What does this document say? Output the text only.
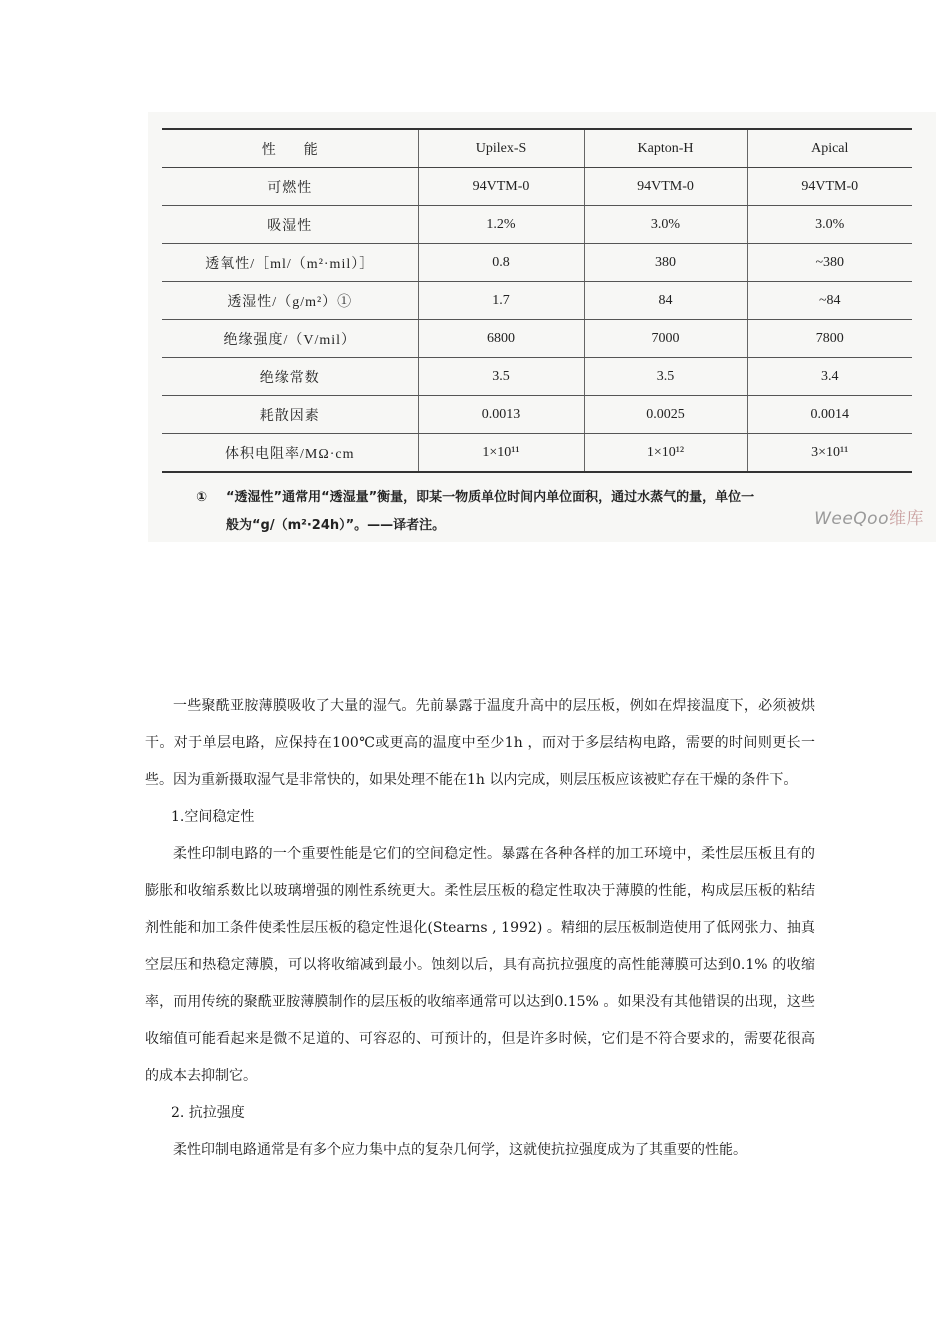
性　　能	Upilex-S	Kapton-H	Apical
可燃性	94VTM-0	94VTM-0	94VTM-0
吸湿性	1.2%	3.0%	3.0%
透氧性/［ml/（m²·mil）］	0.8	380	~380
透湿性/（g/m²）①	1.7	84	~84
绝缘强度/（V/mil）	6800	7000	7800
绝缘常数	3.5	3.5	3.4
耗散因素	0.0013	0.0025	0.0014
体积电阻率/MΩ·cm	1×10¹¹	1×10¹²	3×10¹¹
① “透湿性”通常用“透湿量”衡量，即某一物质单位时间内单位面积，通过水蒸气的量，单位一
般为“g/（m²·24h）”。——译者注。	WeeQoo维库

一些聚酰亚胺薄膜吸收了大量的湿气。先前暴露于温度升高中的层压板，例如在焊接温度下，必须被烘干。对于单层电路，应保持在100℃或更高的温度中至少1h ，而对于多层结构电路，需要的时间则更长一些。因为重新摄取湿气是非常快的，如果处理不能在1h 以内完成，则层压板应该被贮存在干燥的条件下。

1.空间稳定性

柔性印制电路的一个重要性能是它们的空间稳定性。暴露在各种各样的加工环境中，柔性层压板且有的膨胀和收缩系数比以玻璃增强的刚性系统更大。柔性层压板的稳定性取决于薄膜的性能，构成层压板的粘结剂性能和加工条件使柔性层压板的稳定性退化(Stearns , 1992) 。精细的层压板制造使用了低网张力、抽真空层压和热稳定薄膜，可以将收缩减到最小。蚀刻以后，具有高抗拉强度的高性能薄膜可达到0.1% 的收缩率，而用传统的聚酰亚胺薄膜制作的层压板的收缩率通常可以达到0.15% 。如果没有其他错误的出现，这些收缩值可能看起来是微不足道的、可容忍的、可预计的，但是许多时候，它们是不符合要求的，需要花很高的成本去抑制它。

2. 抗拉强度

柔性印制电路通常是有多个应力集中点的复杂几何学，这就使抗拉强度成为了其重要的性能。
